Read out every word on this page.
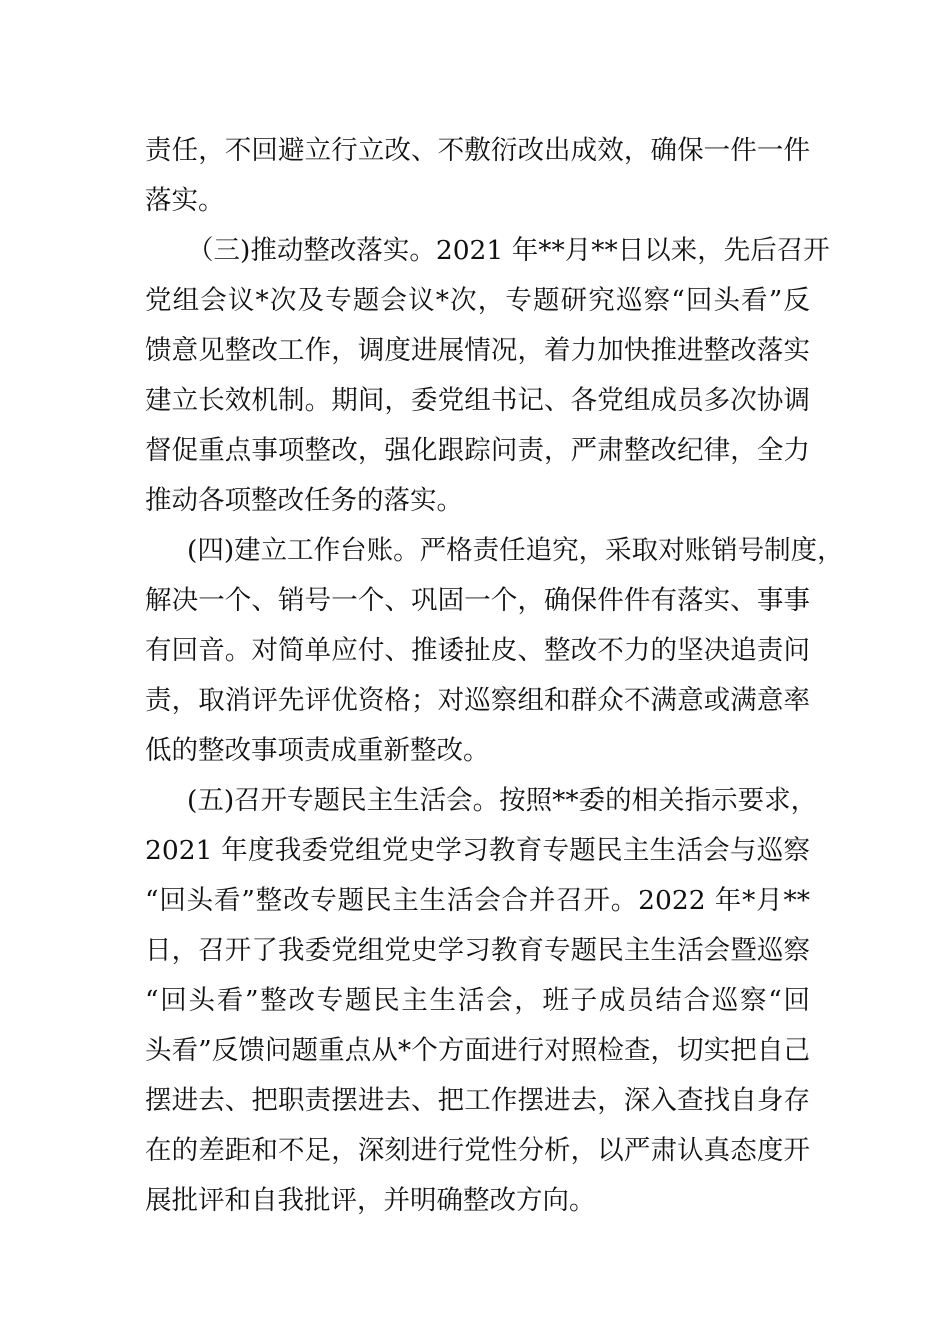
责任，不回避立行立改、不敷衍改出成效，确保一件一件
落实。
（三)推动整改落实。2021 年**月**日以来，先后召开
党组会议*次及专题会议*次，专题研究巡察“回头看”反
馈意见整改工作，调度进展情况，着力加快推进整改落实
建立长效机制。期间，委党组书记、各党组成员多次协调
督促重点事项整改，强化跟踪问责，严肃整改纪律，全力
推动各项整改任务的落实。
(四)建立工作台账。严格责任追究，采取对账销号制度，
解决一个、销号一个、巩固一个，确保件件有落实、事事
有回音。对简单应付、推诿扯皮、整改不力的坚决追责问
责，取消评先评优资格；对巡察组和群众不满意或满意率
低的整改事项责成重新整改。
(五)召开专题民主生活会。按照**委的相关指示要求，
2021 年度我委党组党史学习教育专题民主生活会与巡察
“回头看”整改专题民主生活会合并召开。2022 年*月**
日，召开了我委党组党史学习教育专题民主生活会暨巡察
“回头看”整改专题民主生活会，班子成员结合巡察“回
头看”反馈问题重点从*个方面进行对照检查，切实把自己
摆进去、把职责摆进去、把工作摆进去，深入查找自身存
在的差距和不足，深刻进行党性分析，以严肃认真态度开
展批评和自我批评，并明确整改方向。
